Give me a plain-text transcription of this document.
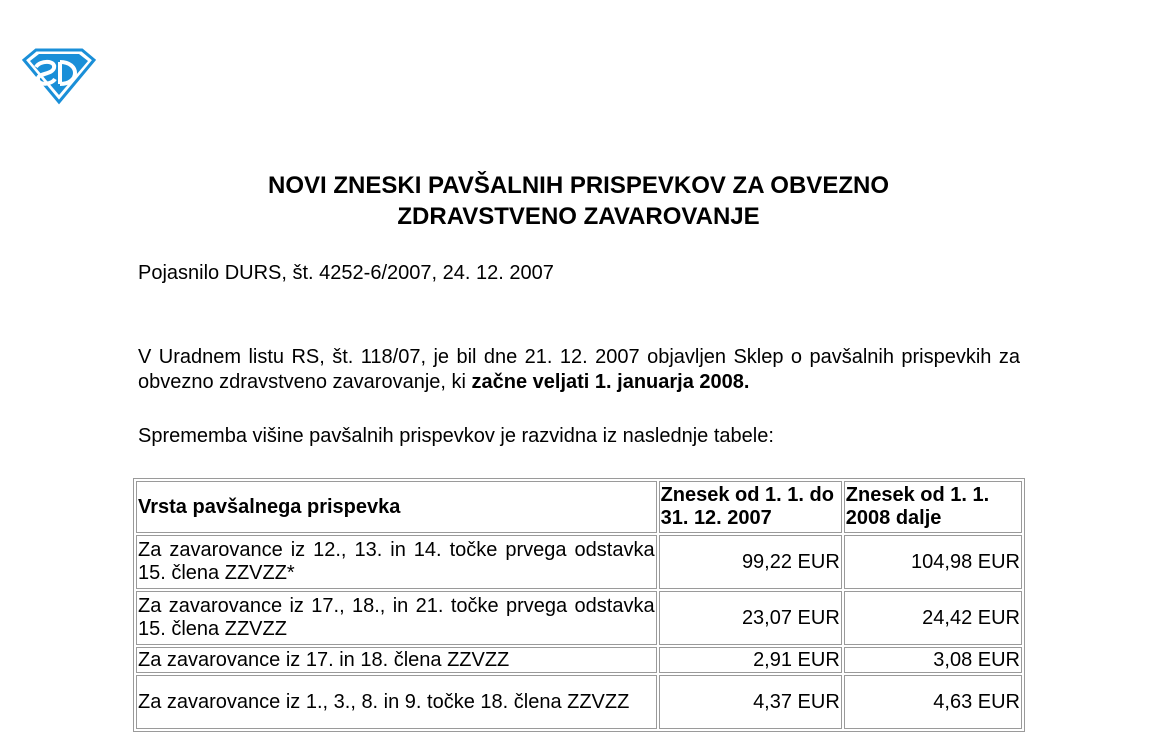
NOVI ZNESKI PAVŠALNIH PRISPEVKOV ZA OBVEZNO
ZDRAVSTVENO ZAVAROVANJE

Pojasnilo DURS, št. 4252-6/2007, 24. 12. 2007

V Uradnem listu RS, št. 118/07, je bil dne 21. 12. 2007 objavljen Sklep o pavšalnih prispevkih za obvezno zdravstveno zavarovanje, ki začne veljati 1. januarja 2008.

Sprememba višine pavšalnih prispevkov je razvidna iz naslednje tabele:

Vrsta pavšalnega prispevka	Znesek od 1. 1. do 31. 12. 2007	Znesek od 1. 1. 2008 dalje
Za zavarovance iz 12., 13. in 14. točke prvega odstavka 15. člena ZZVZZ*	99,22 EUR	104,98 EUR
Za zavarovance iz 17., 18., in 21. točke prvega odstavka 15. člena ZZVZZ	23,07 EUR	24,42 EUR
Za zavarovance iz 17. in 18. člena ZZVZZ	2,91 EUR	3,08 EUR
Za zavarovance iz 1., 3., 8. in 9. točke 18. člena ZZVZZ	4,37 EUR	4,63 EUR
